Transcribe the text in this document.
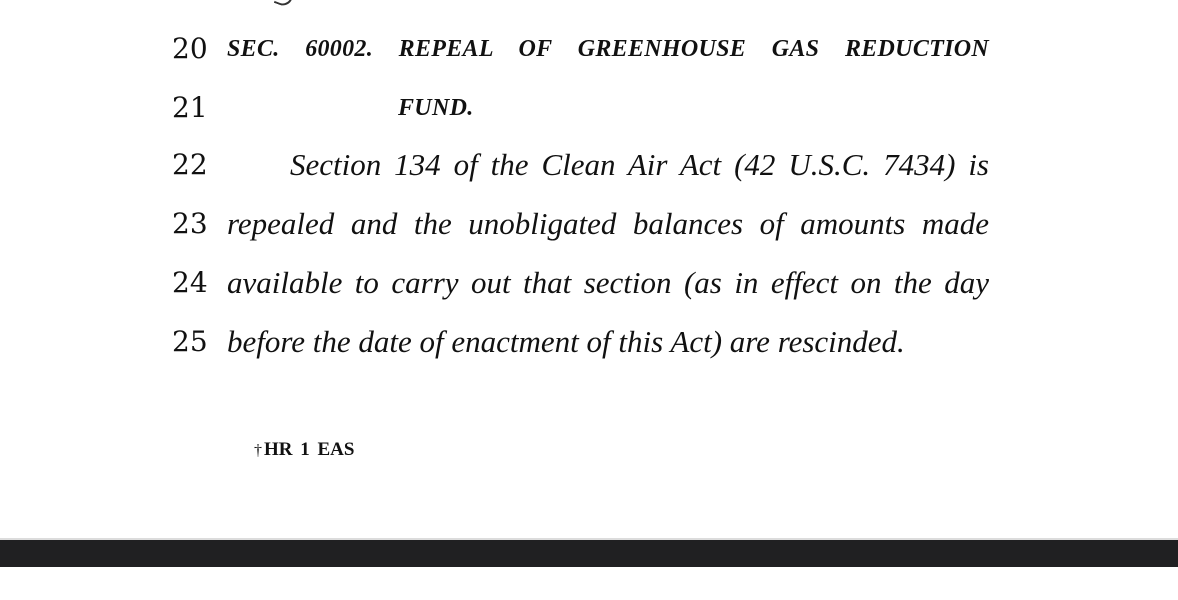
20 SEC. 60002. REPEAL OF GREENHOUSE GAS REDUCTION
21	FUND.
22	Section 134 of the Clean Air Act (42 U.S.C. 7434) is
23 repealed and the unobligated balances of amounts made
24 available to carry out that section (as in effect on the day
25 before the date of enactment of this Act) are rescinded.
† HR 1 EAS
